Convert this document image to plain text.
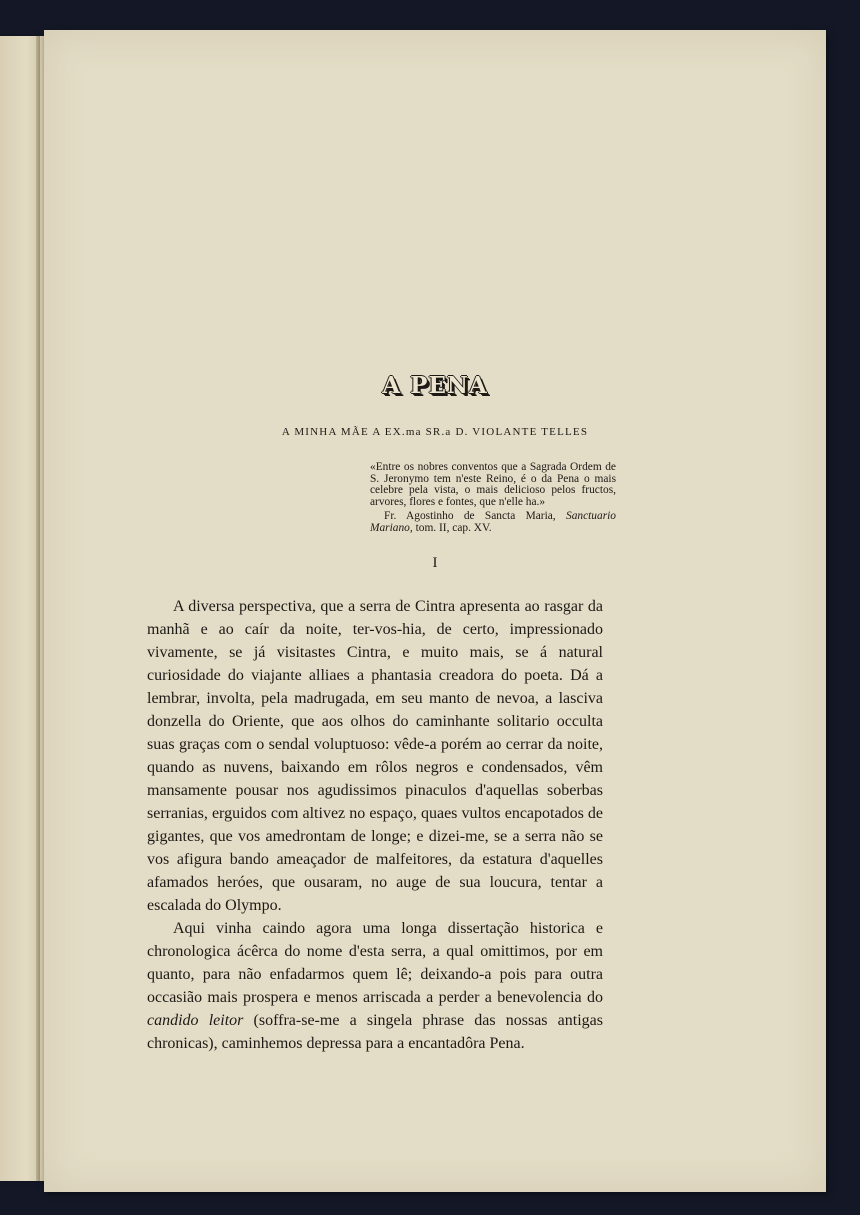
A PENA
A MINHA MÃE A EX.ma SR.a D. VIOLANTE TELLES

«Entre os nobres conventos que a Sagrada Ordem de S. Jeronymo tem n'este Reino, é o da Pena o mais celebre pela vista, o mais delicioso pelos fructos, arvores, flores e fontes, que n'elle ha.»

Fr. Agostinho de Sancta Maria, Sanctuario Mariano, tom. II, cap. XV.

I

A diversa perspectiva, que a serra de Cintra apresenta ao rasgar da manhã e ao caír da noite, ter-vos-hia, de certo, impressionado vivamente, se já visitastes Cintra, e muito mais, se á natural curiosidade do viajante alliaes a phantasia creadora do poeta. Dá a lembrar, involta, pela madrugada, em seu manto de nevoa, a lasciva donzella do Oriente, que aos olhos do caminhante solitario occulta suas graças com o sendal voluptuoso: vêde-a porém ao cerrar da noite, quando as nuvens, baixando em rôlos negros e condensados, vêm mansamente pousar nos agudissimos pinaculos d'aquellas soberbas serranias, erguidos com altivez no espaço, quaes vultos encapotados de gigantes, que vos amedrontam de longe; e dizei-me, se a serra não se vos afigura bando ameaçador de malfeitores, da estatura d'aquelles afamados heróes, que ousaram, no auge de sua loucura, tentar a escalada do Olympo.

Aqui vinha caindo agora uma longa dissertação historica e chronologica ácêrca do nome d'esta serra, a qual omittimos, por em quanto, para não enfadarmos quem lê; deixando-a pois para outra occasião mais prospera e menos arriscada a perder a benevolencia do candido leitor (soffra-se-me a singela phrase das nossas antigas chronicas), caminhemos depressa para a encantadôra Pena.
